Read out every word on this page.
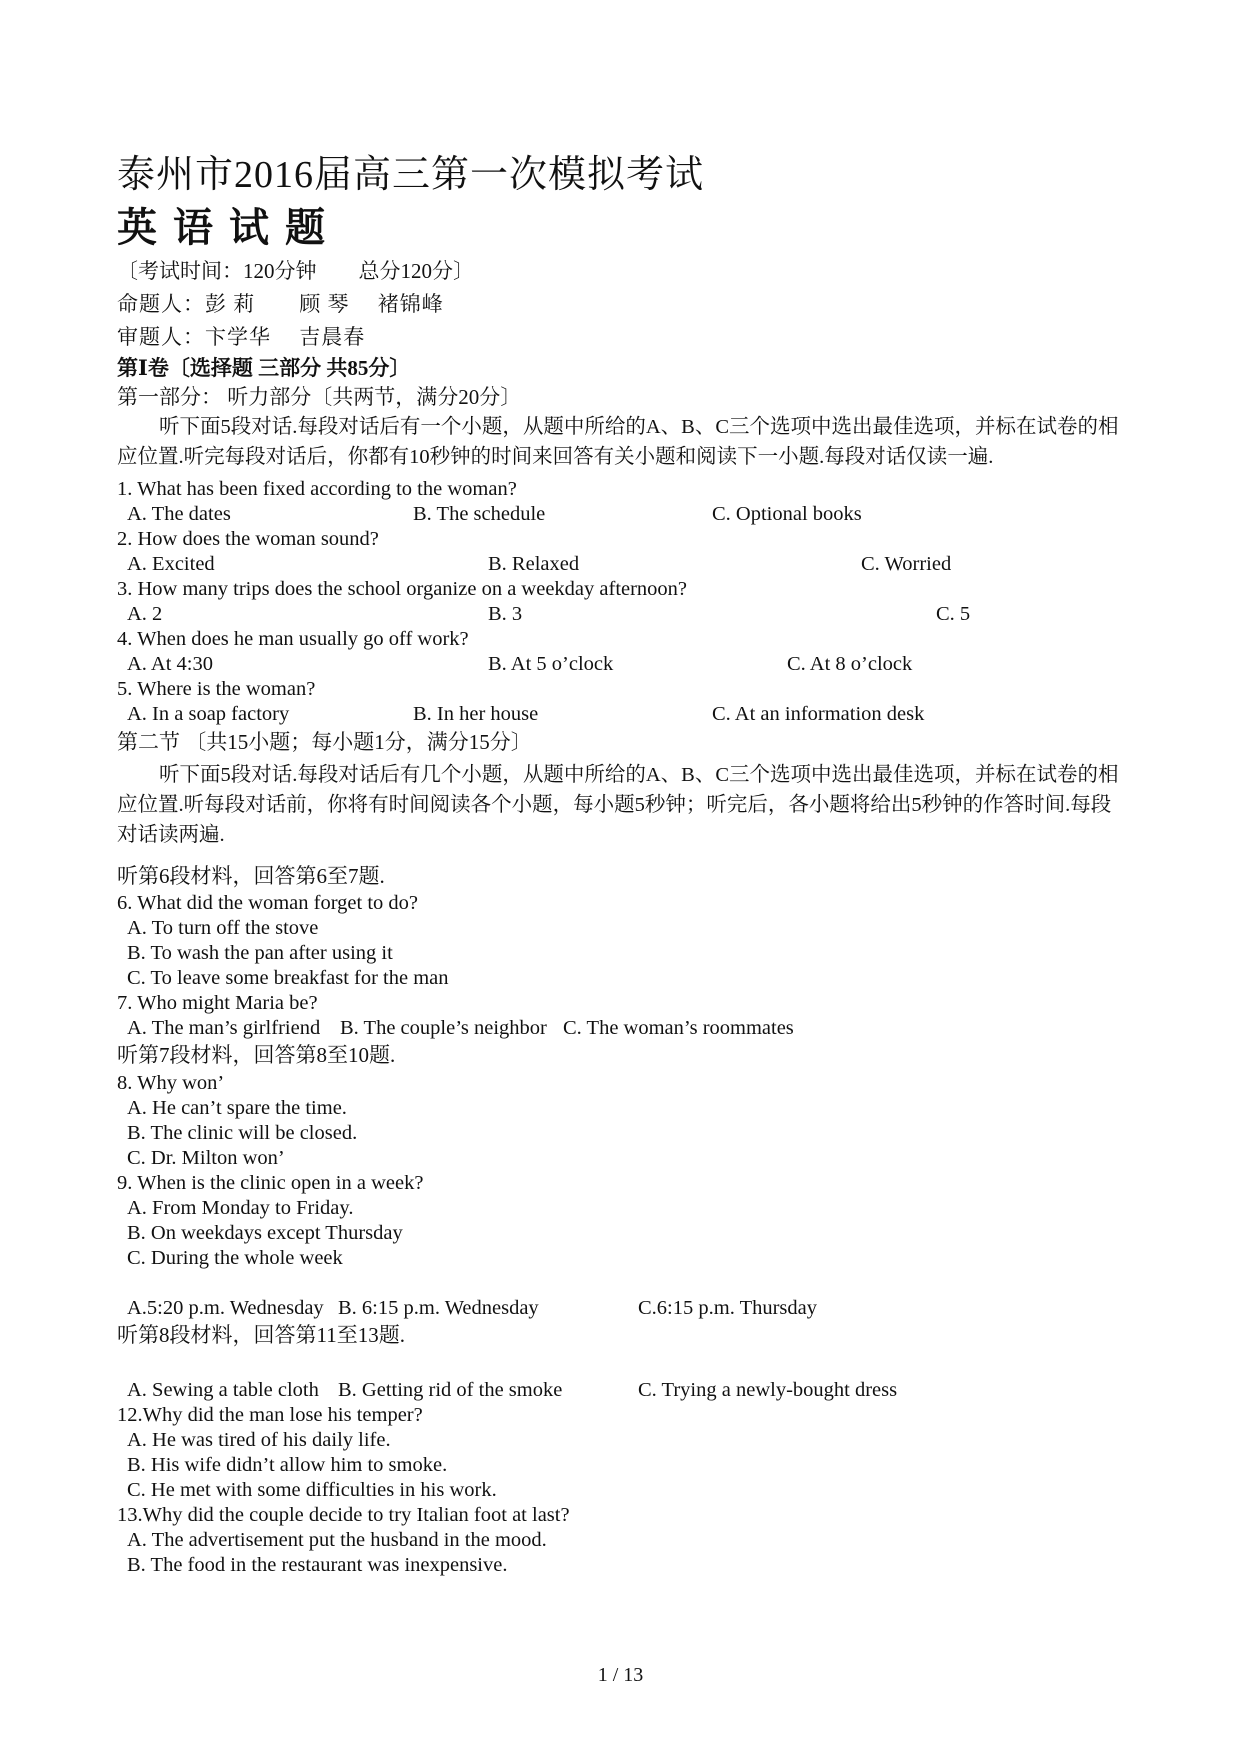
泰州市2016届高三第一次模拟考试
英语试题
〔考试时间：120分钟　　总分120分〕
命题人：彭 莉　　顾 琴　 褚锦峰
审题人：卞学华　 吉晨春
第Ⅰ卷〔选择题 三部分 共85分〕
第一部分： 听力部分〔共两节，满分20分〕
听下面5段对话.每段对话后有一个小题，从题中所给的A、B、C三个选项中选出最佳选项，并标在试卷的相应位置.听完每段对话后，你都有10秒钟的时间来回答有关小题和阅读下一小题.每段对话仅读一遍.
1. What has been fixed according to the woman?
A. The dates	B. The schedule	C. Optional books
2. How does the woman sound?
A. Excited	B. Relaxed	C. Worried
3. How many trips does the school organize on a weekday afternoon?
A. 2	B. 3	C. 5
4. When does he man usually go off work?
A. At 4:30	B. At 5 o’clock	C. At 8 o’clock
5. Where is the woman?
A. In a soap factory	B. In her house	C. At an information desk
第二节 〔共15小题；每小题1分，满分15分〕
听下面5段对话.每段对话后有几个小题，从题中所给的A、B、C三个选项中选出最佳选项，并标在试卷的相应位置.听每段对话前，你将有时间阅读各个小题，每小题5秒钟；听完后，各小题将给出5秒钟的作答时间.每段对话读两遍.
听第6段材料，回答第6至7题.
6. What did the woman forget to do?
A. To turn off the stove
B. To wash the pan after using it
C. To leave some breakfast for the man
7. Who might Maria be?
A. The man’s girlfriend B. The couple’s neighbor C. The woman’s roommates
听第7段材料，回答第8至10题.
8. Why won’
A. He can’t spare the time.
B. The clinic will be closed.
C. Dr. Milton won’
9. When is the clinic open in a week?
A. From Monday to Friday.
B. On weekdays except Thursday
C. During the whole week
A.5:20 p.m. Wednesday B. 6:15 p.m. Wednesday	C.6:15 p.m. Thursday
听第8段材料，回答第11至13题.
A. Sewing a table cloth B. Getting rid of the smoke	C. Trying a newly-bought dress
12.Why did the man lose his temper?
A. He was tired of his daily life.
B. His wife didn’t allow him to smoke.
C. He met with some difficulties in his work.
13.Why did the couple decide to try Italian foot at last?
A. The advertisement put the husband in the mood.
B. The food in the restaurant was inexpensive.
1 / 13
